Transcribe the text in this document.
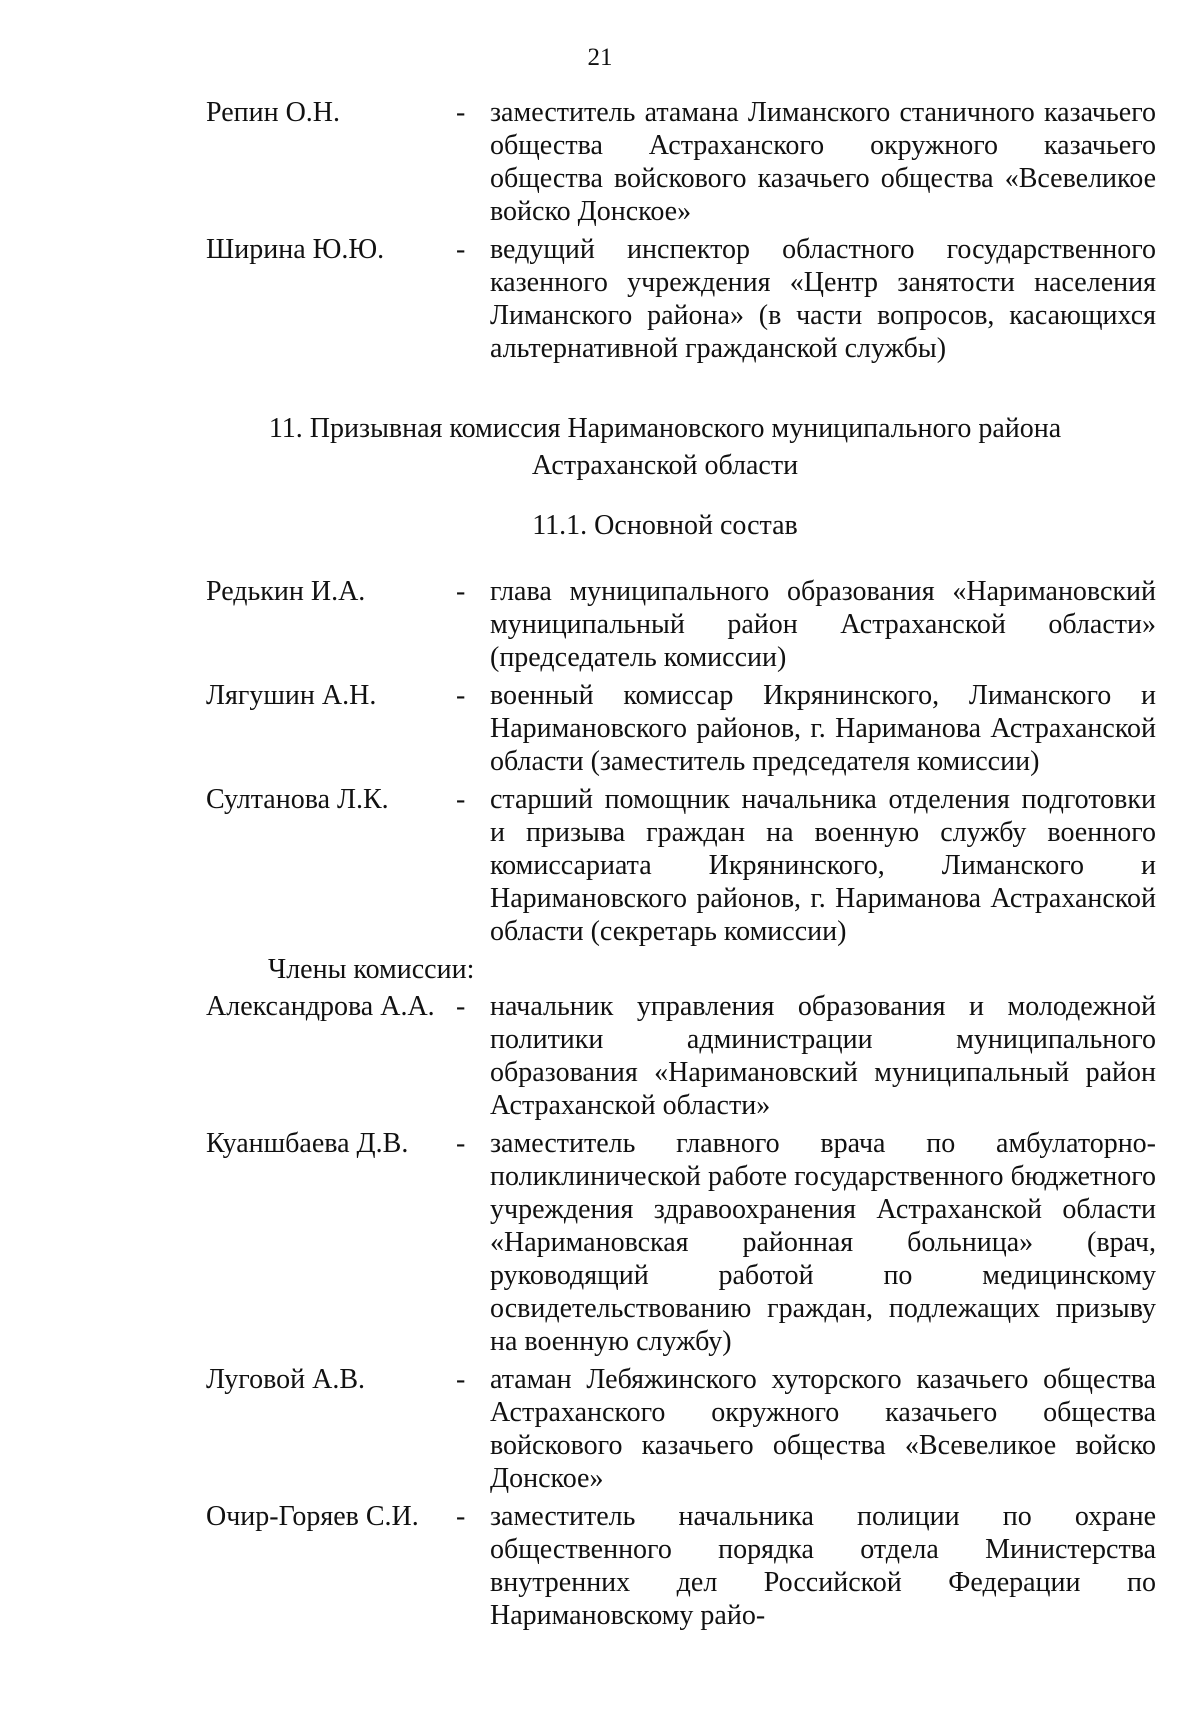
21
Репин О.Н.	- заместитель атамана Лиманского станичного казачьего общества Астраханского окружного казачьего общества войскового казачьего общества «Всевеликое войско Донское»
Ширина Ю.Ю.	- ведущий инспектор областного государственного казенного учреждения «Центр занятости населения Лиманского района» (в части вопросов, касающихся альтернативной гражданской службы)
11. Призывная комиссия Наримановского муниципального района
Астраханской области
11.1. Основной состав
Редькин И.А.	- глава муниципального образования «Наримановский муниципальный район Астраханской области» (председатель комиссии)
Лягушин А.Н.	- военный комиссар Икрянинского, Лиманского и Наримановского районов, г. Нариманова Астраханской области (заместитель председателя комиссии)
Султанова Л.К.	- старший помощник начальника отделения подготовки и призыва граждан на военную службу военного комиссариата Икрянинского, Лиманского и Наримановского районов, г. Нариманова Астраханской области (секретарь комиссии)
Члены комиссии:
Александрова А.А. - начальник управления образования и молодежной политики администрации муниципального образования «Наримановский муниципальный район Астраханской области»
Куаншбаева Д.В.	- заместитель главного врача по амбулаторно-поликлинической работе государственного бюджетного учреждения здравоохранения Астраханской области «Наримановская районная больница» (врач, руководящий работой по медицинскому освидетельствованию граждан, подлежащих призыву на военную службу)
Луговой А.В.	- атаман Лебяжинского хуторского казачьего общества Астраханского окружного казачьего общества войскового казачьего общества «Всевеликое войско Донское»
Очир-Горяев С.И.	- заместитель начальника полиции по охране общественного порядка отдела Министерства внутренних дел Российской Федерации по Наримановскому райо-
